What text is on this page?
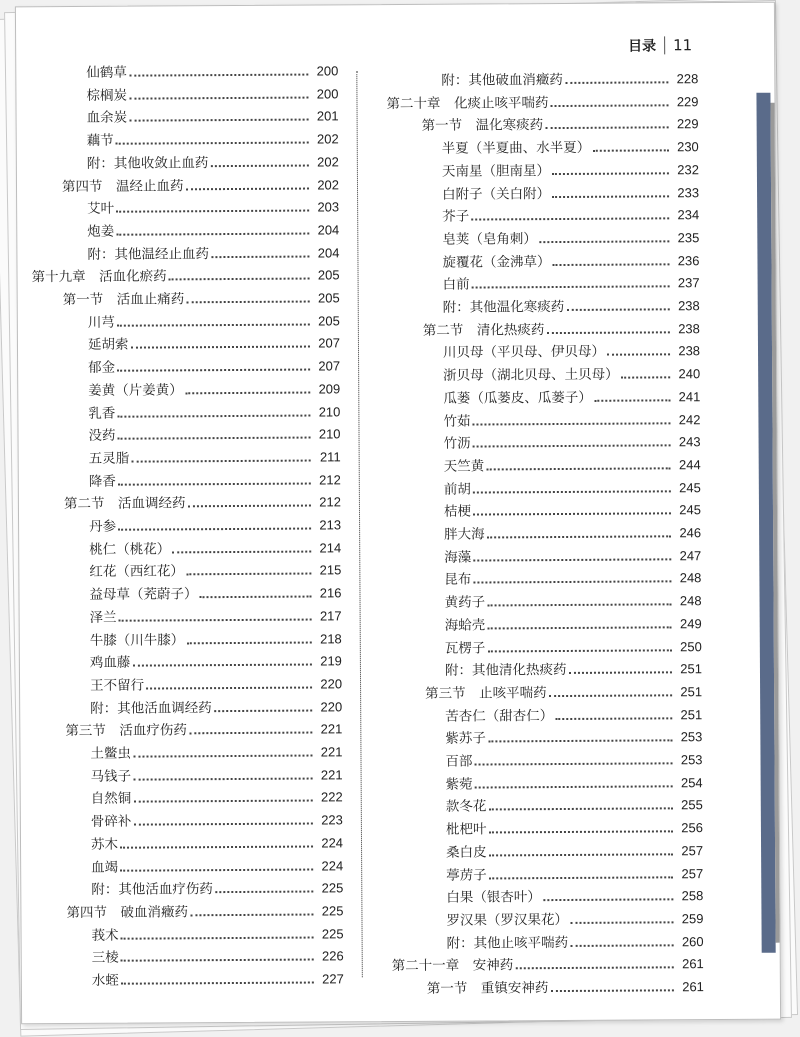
目录 11
仙鹤草	200
棕榈炭	200
血余炭	201
藕节	202
附：其他收敛止血药	202
第四节　温经止血药	202
艾叶	203
炮姜	204
附：其他温经止血药	204
第十九章　活血化瘀药	205
第一节　活血止痛药	205
川芎	205
延胡索	207
郁金	207
姜黄（片姜黄）	209
乳香	210
没药	210
五灵脂	211
降香	212
第二节　活血调经药	212
丹参	213
桃仁（桃花）	214
红花（西红花）	215
益母草（茺蔚子）	216
泽兰	217
牛膝（川牛膝）	218
鸡血藤	219
王不留行	220
附：其他活血调经药	220
第三节　活血疗伤药	221
土鳖虫	221
马钱子	221
自然铜	222
骨碎补	223
苏木	224
血竭	224
附：其他活血疗伤药	225
第四节　破血消癥药	225
莪术	225
三棱	226
水蛭	227
附：其他破血消癥药	228
第二十章　化痰止咳平喘药	229
第一节　温化寒痰药	229
半夏（半夏曲、水半夏）	230
天南星（胆南星）	232
白附子（关白附）	233
芥子	234
皂荚（皂角刺）	235
旋覆花（金沸草）	236
白前	237
附：其他温化寒痰药	238
第二节　清化热痰药	238
川贝母（平贝母、伊贝母）	238
浙贝母（湖北贝母、土贝母）	240
瓜蒌（瓜蒌皮、瓜蒌子）	241
竹茹	242
竹沥	243
天竺黄	244
前胡	245
桔梗	245
胖大海	246
海藻	247
昆布	248
黄药子	248
海蛤壳	249
瓦楞子	250
附：其他清化热痰药	251
第三节　止咳平喘药	251
苦杏仁（甜杏仁）	251
紫苏子	253
百部	253
紫菀	254
款冬花	255
枇杷叶	256
桑白皮	257
葶苈子	257
白果（银杏叶）	258
罗汉果（罗汉果花）	259
附：其他止咳平喘药	260
第二十一章　安神药	261
第一节　重镇安神药	261
